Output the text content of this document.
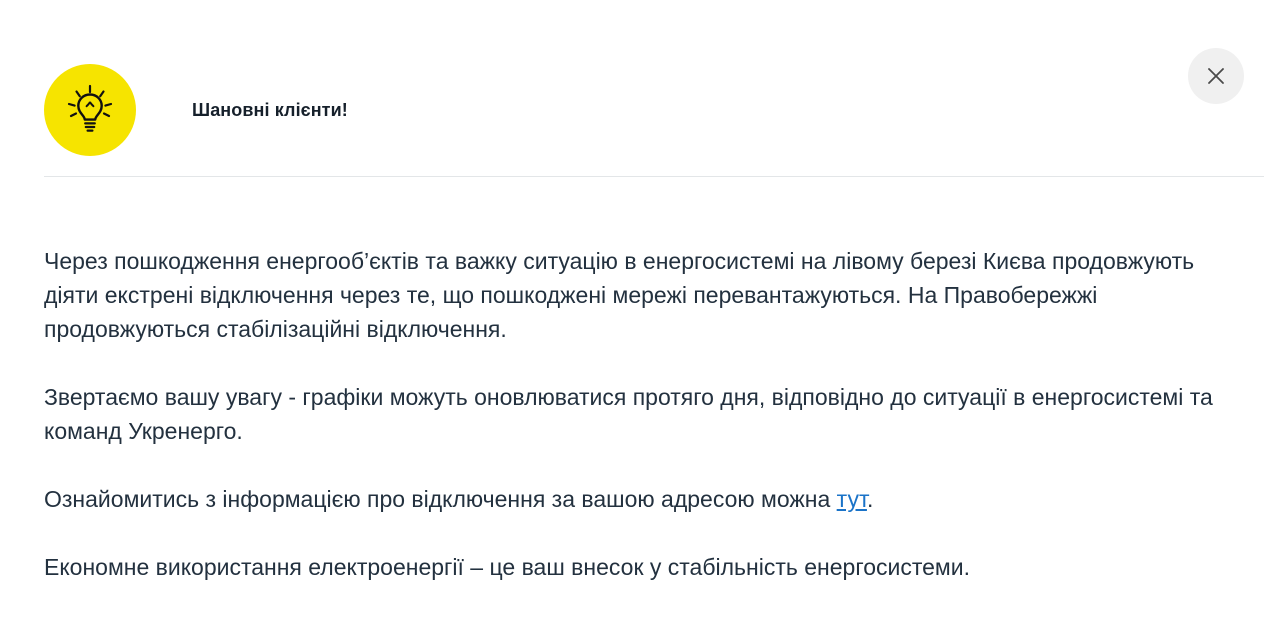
Шановні клієнти!

Через пошкодження енергооб’єктів та важку ситуацію в енергосистемі на лівому березі Києва продовжують діяти екстрені відключення через те, що пошкоджені мережі перевантажуються. На Правобережжі продовжуються стабілізаційні відключення.

Звертаємо вашу увагу - графіки можуть оновлюватися протяго дня, відповідно до ситуації в енергосистемі та команд Укренерго.

Ознайомитись з інформацією про відключення за вашою адресою можна тут.

Економне використання електроенергії – це ваш внесок у стабільність енергосистеми.
